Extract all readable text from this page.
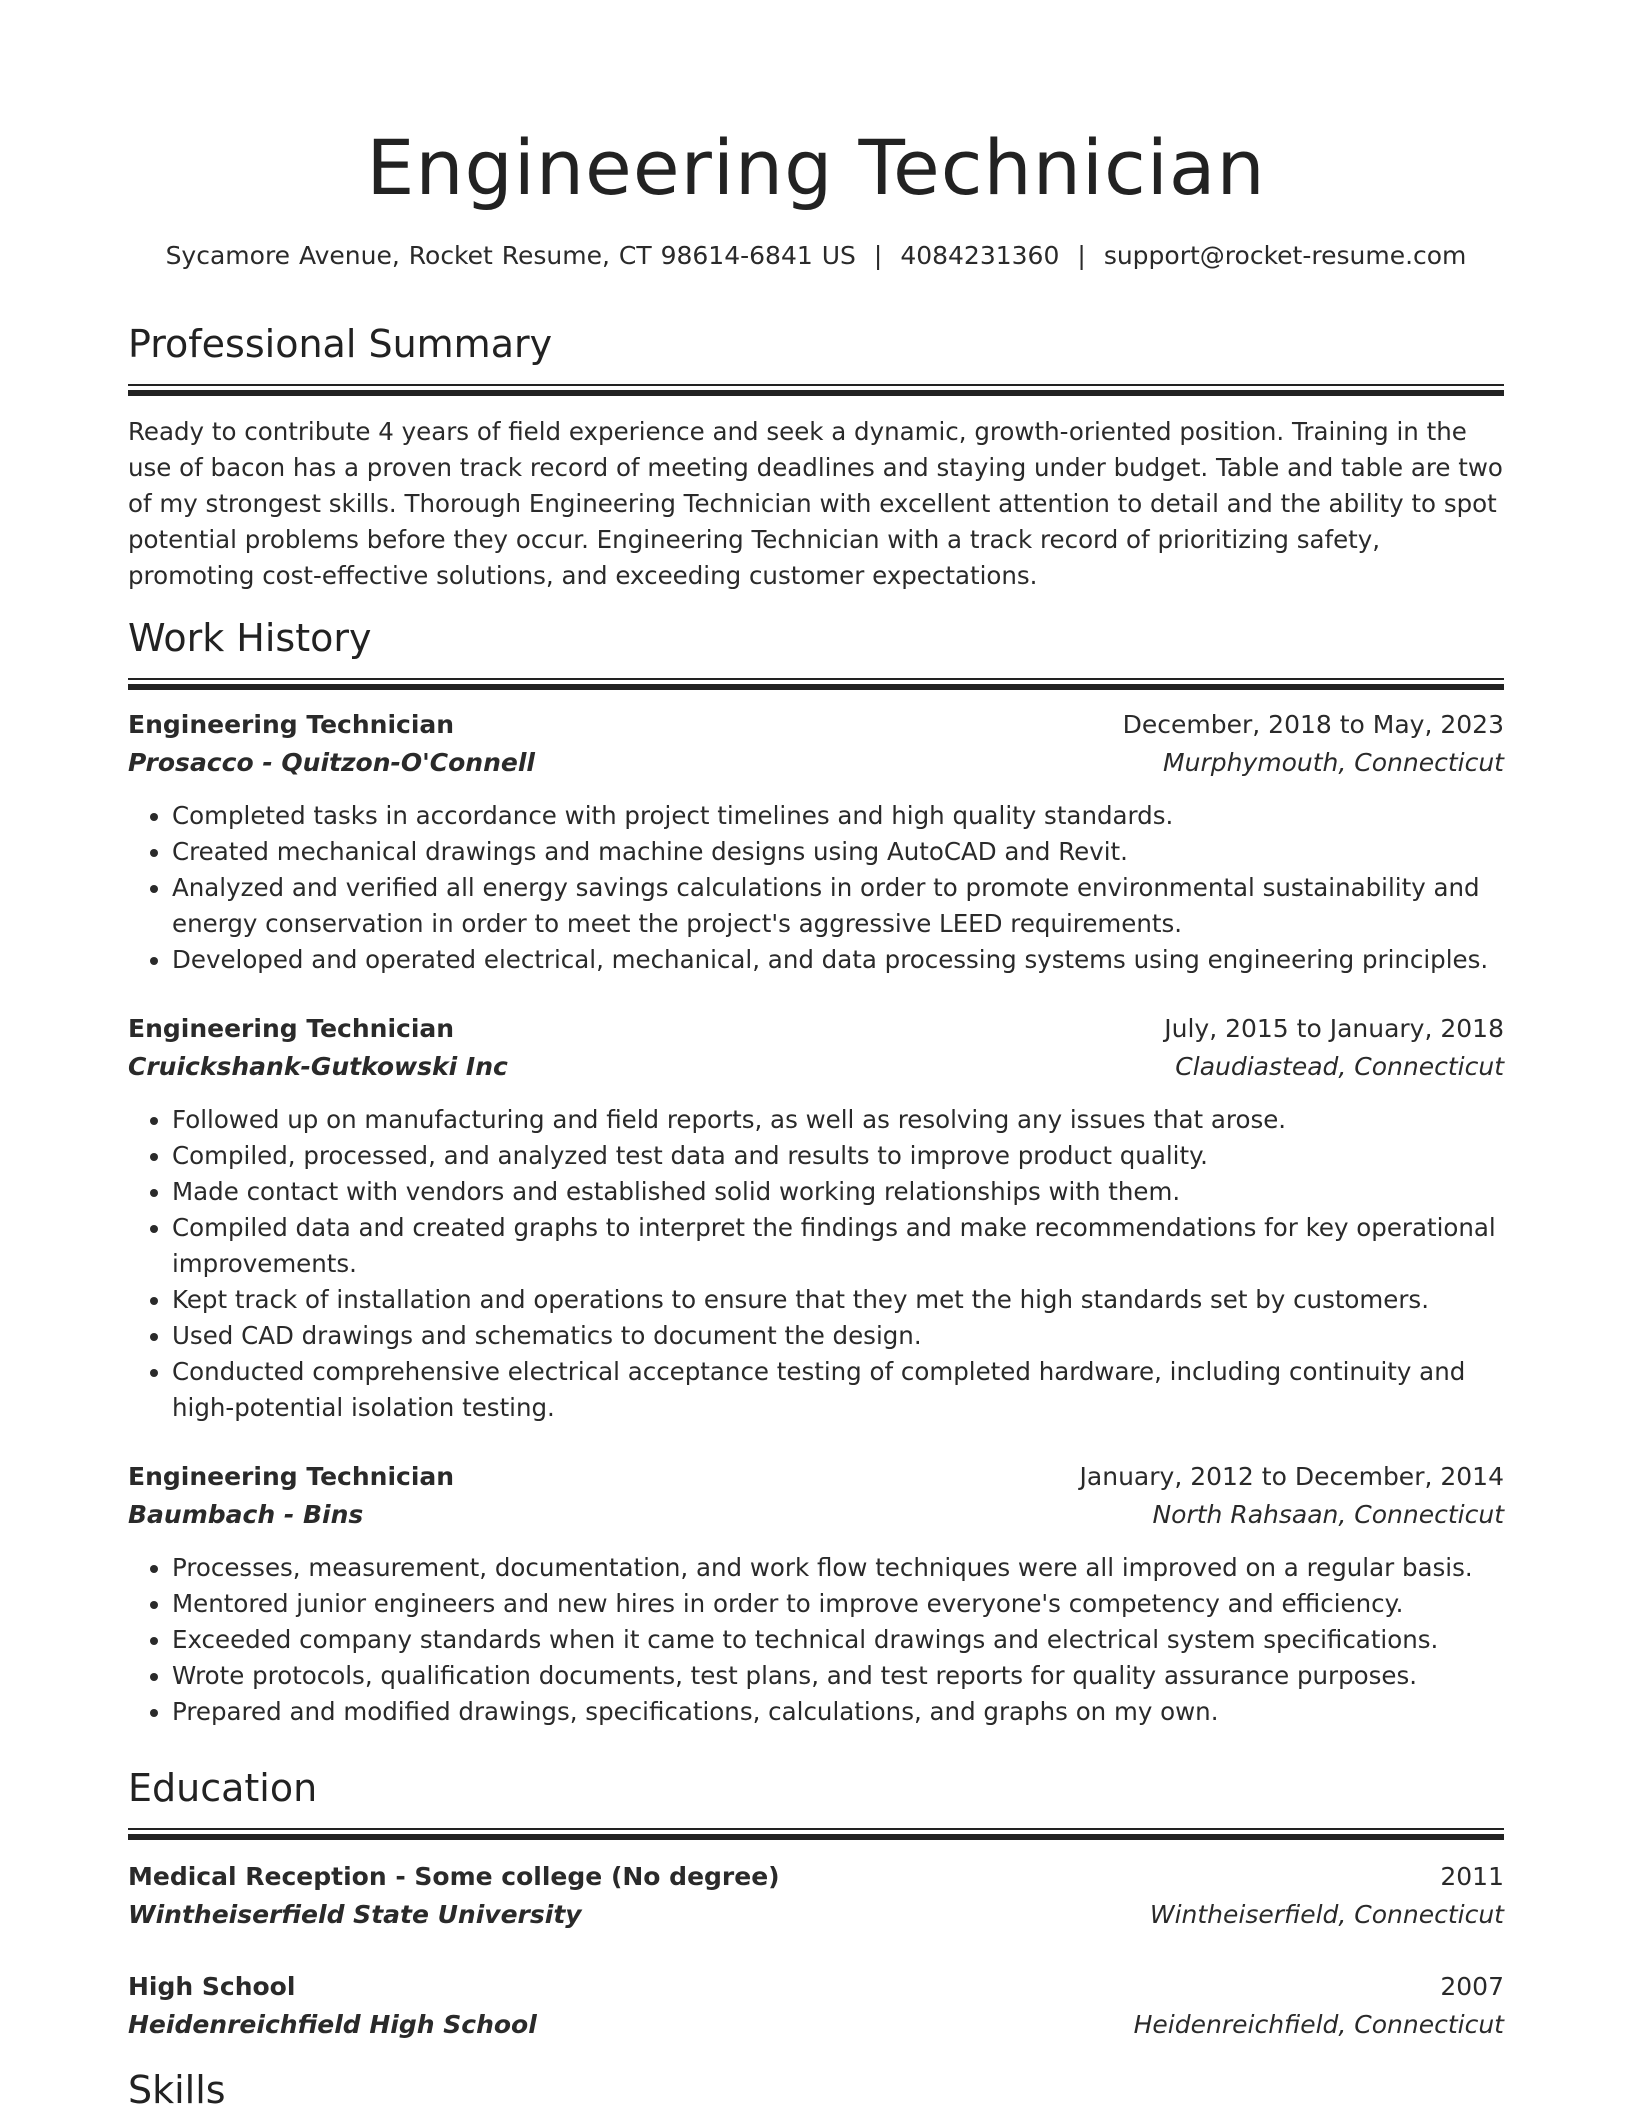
Engineering Technician
Sycamore Avenue, Rocket Resume, CT 98614-6841 US | 4084231360 | support@rocket-resume.com
Professional Summary
Ready to contribute 4 years of field experience and seek a dynamic, growth-oriented position. Training in the use of bacon has a proven track record of meeting deadlines and staying under budget. Table and table are two of my strongest skills. Thorough Engineering Technician with excellent attention to detail and the ability to spot potential problems before they occur. Engineering Technician with a track record of prioritizing safety, promoting cost-effective solutions, and exceeding customer expectations.
Work History
Engineering Technician	December, 2018 to May, 2023
Prosacco - Quitzon-O'Connell	Murphymouth, Connecticut
• Completed tasks in accordance with project timelines and high quality standards.
• Created mechanical drawings and machine designs using AutoCAD and Revit.
• Analyzed and verified all energy savings calculations in order to promote environmental sustainability and energy conservation in order to meet the project's aggressive LEED requirements.
• Developed and operated electrical, mechanical, and data processing systems using engineering principles.
Engineering Technician	July, 2015 to January, 2018
Cruickshank-Gutkowski Inc	Claudiastead, Connecticut
• Followed up on manufacturing and field reports, as well as resolving any issues that arose.
• Compiled, processed, and analyzed test data and results to improve product quality.
• Made contact with vendors and established solid working relationships with them.
• Compiled data and created graphs to interpret the findings and make recommendations for key operational improvements.
• Kept track of installation and operations to ensure that they met the high standards set by customers.
• Used CAD drawings and schematics to document the design.
• Conducted comprehensive electrical acceptance testing of completed hardware, including continuity and high-potential isolation testing.
Engineering Technician	January, 2012 to December, 2014
Baumbach - Bins	North Rahsaan, Connecticut
• Processes, measurement, documentation, and work flow techniques were all improved on a regular basis.
• Mentored junior engineers and new hires in order to improve everyone's competency and efficiency.
• Exceeded company standards when it came to technical drawings and electrical system specifications.
• Wrote protocols, qualification documents, test plans, and test reports for quality assurance purposes.
• Prepared and modified drawings, specifications, calculations, and graphs on my own.
Education
Medical Reception - Some college (No degree)	2011
Wintheiserfield State University	Wintheiserfield, Connecticut
High School	2007
Heidenreichfield High School	Heidenreichfield, Connecticut
Skills
